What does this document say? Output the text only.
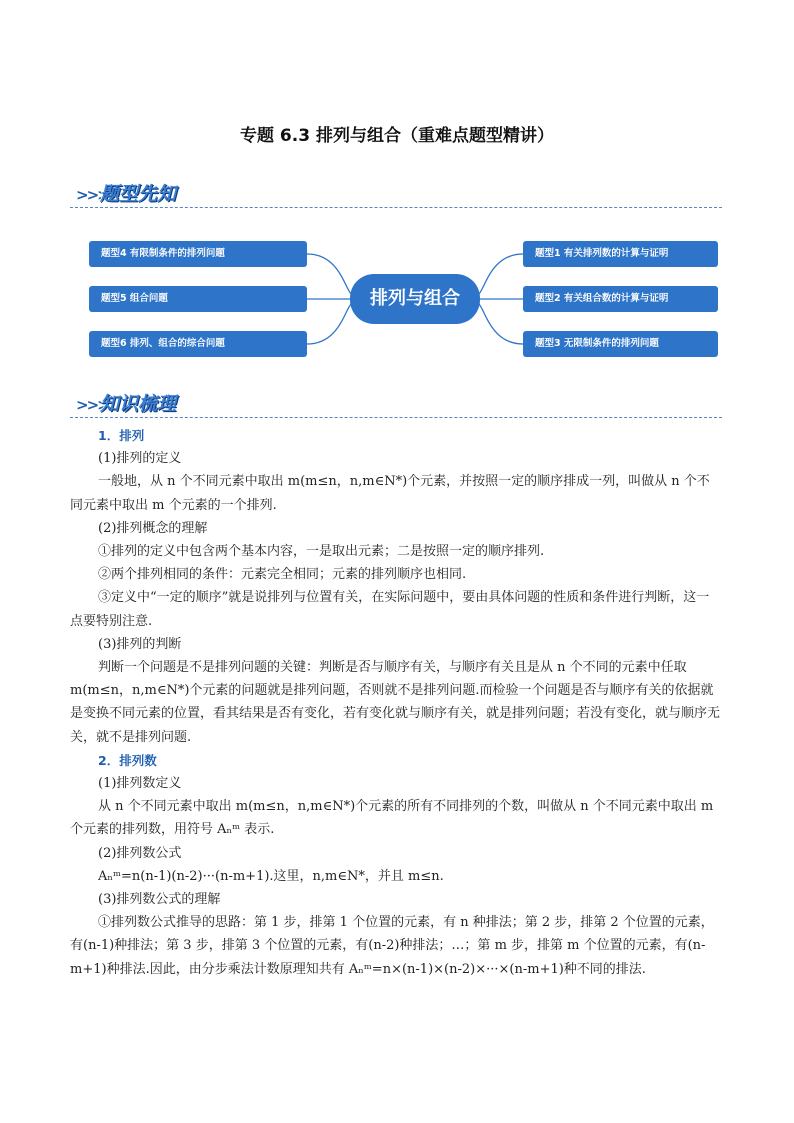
专题 6.3 排列与组合（重难点题型精讲）
>>>
题型先知
题型4 有限制条件的排列问题
题型5 组合问题
题型6 排列、组合的综合问题
排列与组合
题型1 有关排列数的计算与证明
题型2 有关组合数的计算与证明
题型3 无限制条件的排列问题
>>>
知识梳理

1．排列

(1)排列的定义

一般地，从 n 个不同元素中取出 m(m≤n，n,m∈N*)个元素，并按照一定的顺序排成一列，叫做从 n 个不同元素中取出 m 个元素的一个排列.

(2)排列概念的理解

①排列的定义中包含两个基本内容，一是取出元素；二是按照一定的顺序排列.

②两个排列相同的条件：元素完全相同；元素的排列顺序也相同.

③定义中“一定的顺序”就是说排列与位置有关，在实际问题中，要由具体问题的性质和条件进行判断，这一点要特别注意.

(3)排列的判断

判断一个问题是不是排列问题的关键：判断是否与顺序有关，与顺序有关且是从 n 个不同的元素中任取 m(m≤n，n,m∈N*)个元素的问题就是排列问题，否则就不是排列问题.而检验一个问题是否与顺序有关的依据就是变换不同元素的位置，看其结果是否有变化，若有变化就与顺序有关，就是排列问题；若没有变化，就与顺序无关，就不是排列问题.

2．排列数

(1)排列数定义

从 n 个不同元素中取出 m(m≤n，n,m∈N*)个元素的所有不同排列的个数，叫做从 n 个不同元素中取出 m 个元素的排列数，用符号 Aₙᵐ 表示.

(2)排列数公式

Aₙᵐ=n(n-1)(n-2)···(n-m+1).这里，n,m∈N*，并且 m≤n.

(3)排列数公式的理解

①排列数公式推导的思路：第 1 步，排第 1 个位置的元素，有 n 种排法；第 2 步，排第 2 个位置的元素，有(n-1)种排法；第 3 步，排第 3 个位置的元素，有(n-2)种排法；…；第 m 步，排第 m 个位置的元素，有(n-m+1)种排法.因此，由分步乘法计数原理知共有 Aₙᵐ=n×(n-1)×(n-2)×···×(n-m+1)种不同的排法.
